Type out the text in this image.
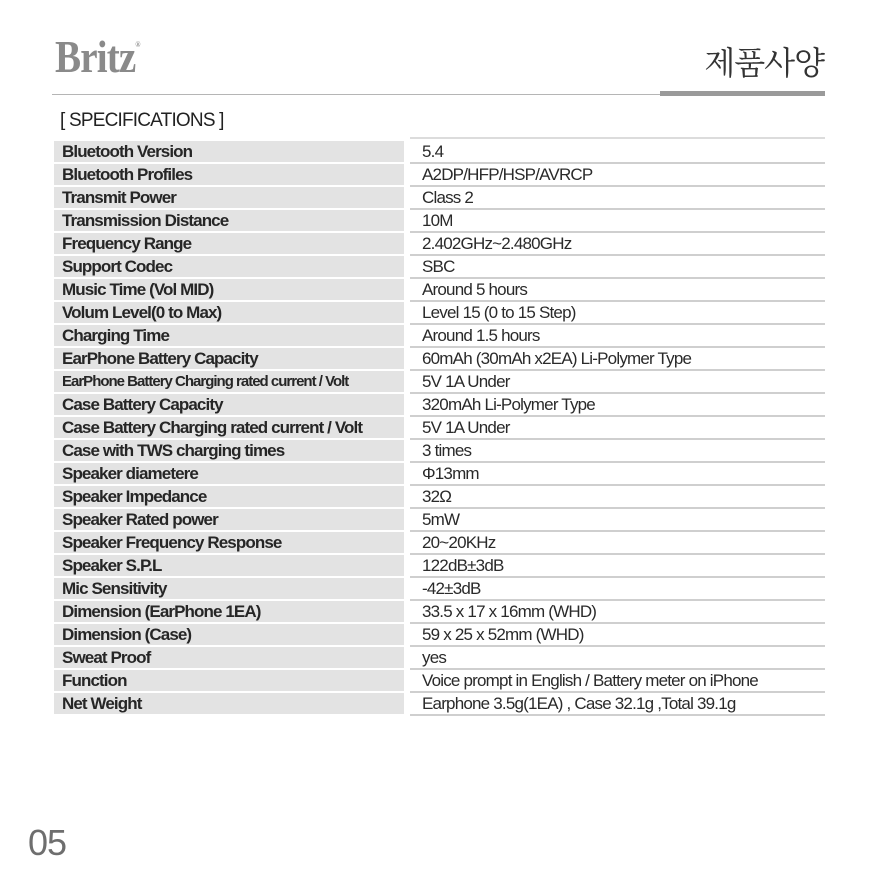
Britz®	제품사양
[ SPECIFICATIONS ]
Bluetooth Version	5.4
Bluetooth Profiles	A2DP/HFP/HSP/AVRCP
Transmit Power	Class 2
Transmission Distance	10M
Frequency Range	2.402GHz~2.480GHz
Support Codec	SBC
Music Time (Vol MID)	Around 5 hours
Volum Level(0 to Max)	Level 15 (0 to 15 Step)
Charging Time	Around 1.5 hours
EarPhone Battery Capacity	60mAh (30mAh x2EA) Li-Polymer Type
EarPhone Battery Charging rated current / Volt	5V 1A Under
Case Battery Capacity	320mAh Li-Polymer Type
Case Battery Charging rated current / Volt	5V 1A Under
Case with TWS charging times	3 times
Speaker diametere	Φ13mm
Speaker Impedance	32Ω
Speaker Rated power	5mW
Speaker Frequency Response	20~20KHz
Speaker S.P.L	122dB±3dB
Mic Sensitivity	-42±3dB
Dimension (EarPhone 1EA)	33.5 x 17 x 16mm (WHD)
Dimension (Case)	59 x 25 x 52mm (WHD)
Sweat Proof	yes
Function	Voice prompt in English / Battery meter on iPhone
Net Weight	Earphone 3.5g(1EA) , Case 32.1g ,Total 39.1g
05
